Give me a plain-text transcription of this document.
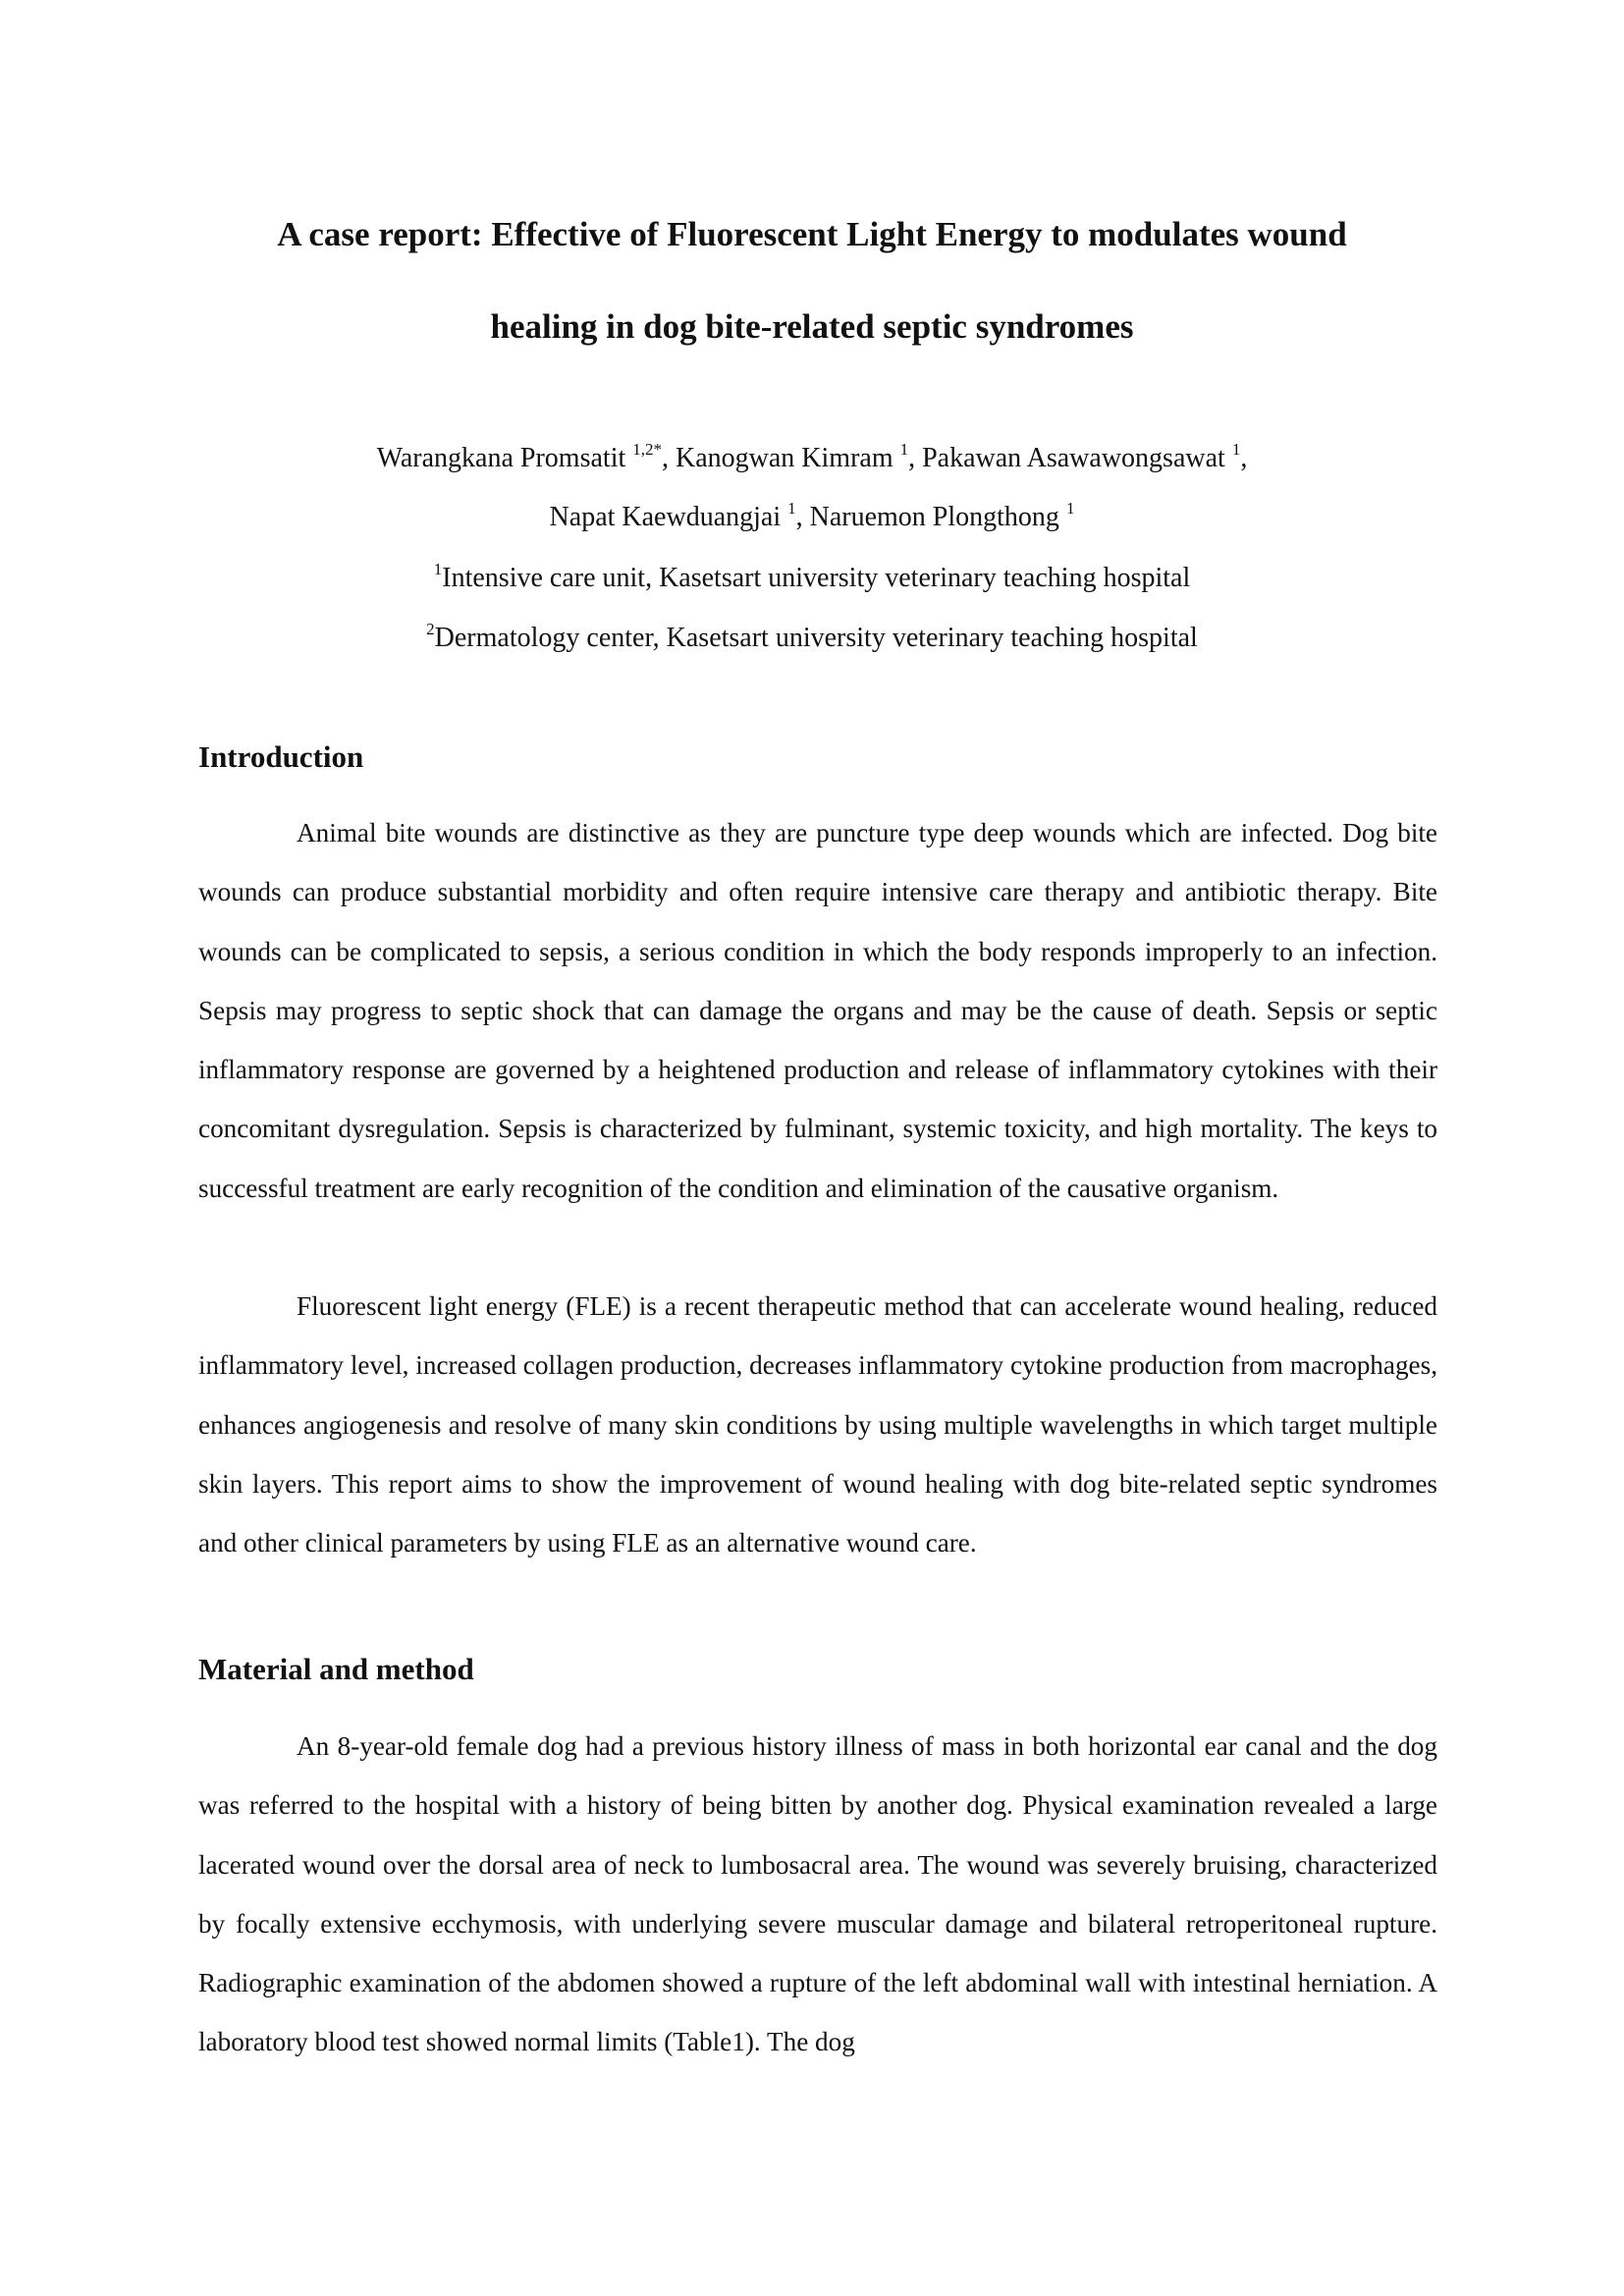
A case report: Effective of Fluorescent Light Energy to modulates wound
healing in dog bite-related septic syndromes

Warangkana Promsatit $^{1,2*}$, Kanogwan Kimram $^1$, Pakawan Asawawongsawat $^1$,

Napat Kaewduangjai $^1$, Naruemon Plongthong $^1$

$^1$Intensive care unit, Kasetsart university veterinary teaching hospital

$^2$Dermatology center, Kasetsart university veterinary teaching hospital

Introduction

Animal bite wounds are distinctive as they are puncture type deep wounds which are infected. Dog bite wounds can produce substantial morbidity and often require intensive care therapy and antibiotic therapy. Bite wounds can be complicated to sepsis, a serious condition in which the body responds improperly to an infection. Sepsis may progress to septic shock that can damage the organs and may be the cause of death. Sepsis or septic inflammatory response are governed by a heightened production and release of inflammatory cytokines with their concomitant dysregulation. Sepsis is characterized by fulminant, systemic toxicity, and high mortality. The keys to successful treatment are early recognition of the condition and elimination of the causative organism.

Fluorescent light energy (FLE) is a recent therapeutic method that can accelerate wound healing, reduced inflammatory level, increased collagen production, decreases inflammatory cytokine production from macrophages, enhances angiogenesis and resolve of many skin conditions by using multiple wavelengths in which target multiple skin layers. This report aims to show the improvement of wound healing with dog bite-related septic syndromes and other clinical parameters by using FLE as an alternative wound care.

Material and method

An 8-year-old female dog had a previous history illness of mass in both horizontal ear canal and the dog was referred to the hospital with a history of being bitten by another dog. Physical examination revealed a large lacerated wound over the dorsal area of neck to lumbosacral area. The wound was severely bruising, characterized by focally extensive ecchymosis, with underlying severe muscular damage and bilateral retroperitoneal rupture. Radiographic examination of the abdomen showed a rupture of the left abdominal wall with intestinal herniation. A laboratory blood test showed normal limits (Table1). The dog
